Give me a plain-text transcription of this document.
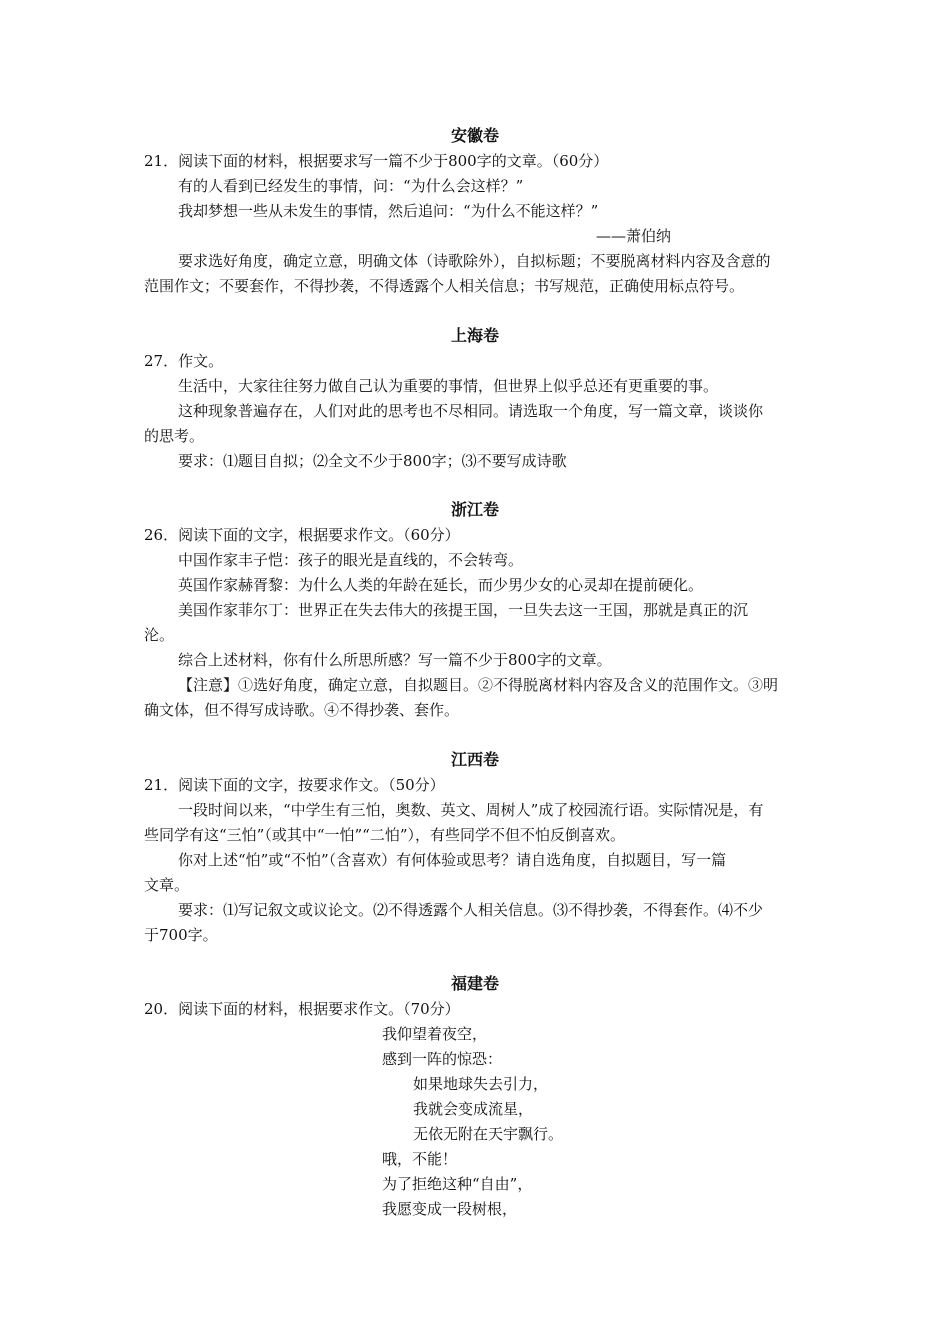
安徽卷
21．阅读下面的材料，根据要求写一篇不少于800字的文章。（60分）
有的人看到已经发生的事情，问：“为什么会这样？”
我却梦想一些从未发生的事情，然后追问：“为什么不能这样？”
——萧伯纳
要求选好角度，确定立意，明确文体（诗歌除外），自拟标题；不要脱离材料内容及含意的
范围作文；不要套作，不得抄袭，不得透露个人相关信息；书写规范，正确使用标点符号。
上海卷
27．作文。
生活中，大家往往努力做自己认为重要的事情，但世界上似乎总还有更重要的事。
这种现象普遍存在，人们对此的思考也不尽相同。请选取一个角度，写一篇文章，谈谈你
的思考。
要求：⑴题目自拟；⑵全文不少于800字；⑶不要写成诗歌
浙江卷
26．阅读下面的文字，根据要求作文。（60分）
中国作家丰子恺：孩子的眼光是直线的，不会转弯。
英国作家赫胥黎：为什么人类的年龄在延长，而少男少女的心灵却在提前硬化。
美国作家菲尔丁：世界正在失去伟大的孩提王国，一旦失去这一王国，那就是真正的沉
沦。
综合上述材料，你有什么所思所感？写一篇不少于800字的文章。
【注意】①选好角度，确定立意，自拟题目。②不得脱离材料内容及含义的范围作文。③明
确文体，但不得写成诗歌。④不得抄袭、套作。
江西卷
21．阅读下面的文字，按要求作文。（50分）
一段时间以来，“中学生有三怕，奥数、英文、周树人”成了校园流行语。实际情况是，有
些同学有这“三怕”（或其中“一怕”“二怕”），有些同学不但不怕反倒喜欢。
你对上述“怕”或“不怕”（含喜欢）有何体验或思考？请自选角度，自拟题目，写一篇
文章。
要求：⑴写记叙文或议论文。⑵不得透露个人相关信息。⑶不得抄袭，不得套作。⑷不少
于700字。
福建卷
20．阅读下面的材料，根据要求作文。（70分）
我仰望着夜空，
感到一阵的惊恐：
如果地球失去引力，
我就会变成流星，
无依无附在天宇飘行。
哦，不能！
为了拒绝这种“自由”，
我愿变成一段树根，
